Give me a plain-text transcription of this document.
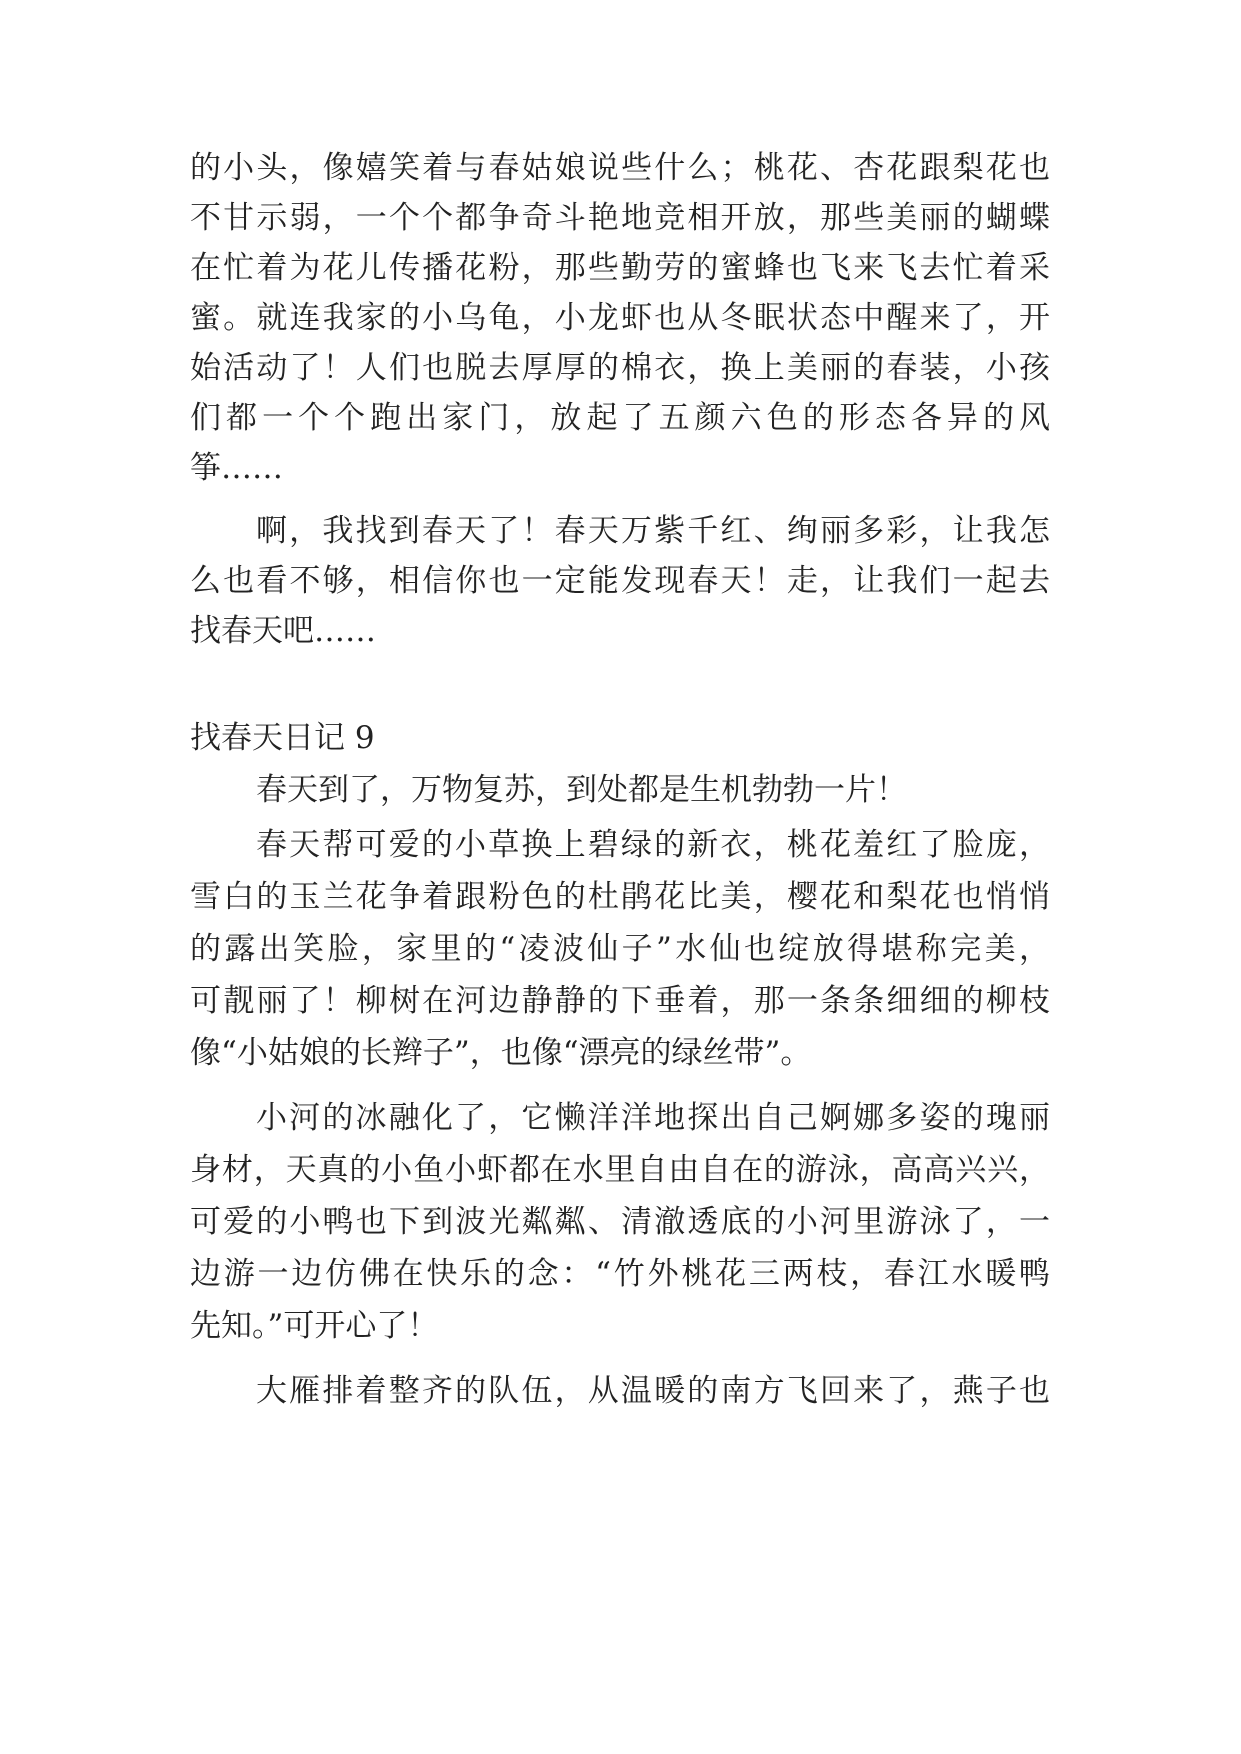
的小头，像嬉笑着与春姑娘说些什么；桃花、杏花跟梨花也
不甘示弱，一个个都争奇斗艳地竞相开放，那些美丽的蝴蝶
在忙着为花儿传播花粉，那些勤劳的蜜蜂也飞来飞去忙着采
蜜。就连我家的小乌龟，小龙虾也从冬眠状态中醒来了，开
始活动了！人们也脱去厚厚的棉衣，换上美丽的春装，小孩
们都一个个跑出家门，放起了五颜六色的形态各异的风
筝……
啊，我找到春天了！春天万紫千红、绚丽多彩，让我怎
么也看不够，相信你也一定能发现春天！走，让我们一起去
找春天吧……
找春天日记 9
春天到了，万物复苏，到处都是生机勃勃一片！
春天帮可爱的小草换上碧绿的新衣，桃花羞红了脸庞，
雪白的玉兰花争着跟粉色的杜鹃花比美，樱花和梨花也悄悄
的露出笑脸，家里的“凌波仙子”水仙也绽放得堪称完美，
可靓丽了！柳树在河边静静的下垂着，那一条条细细的柳枝
像“小姑娘的长辫子”，也像“漂亮的绿丝带”。
小河的冰融化了，它懒洋洋地探出自己婀娜多姿的瑰丽
身材，天真的小鱼小虾都在水里自由自在的游泳，高高兴兴，
可爱的小鸭也下到波光粼粼、清澈透底的小河里游泳了，一
边游一边仿佛在快乐的念：“竹外桃花三两枝，春江水暖鸭
先知。”可开心了！
大雁排着整齐的队伍，从温暖的南方飞回来了，燕子也
